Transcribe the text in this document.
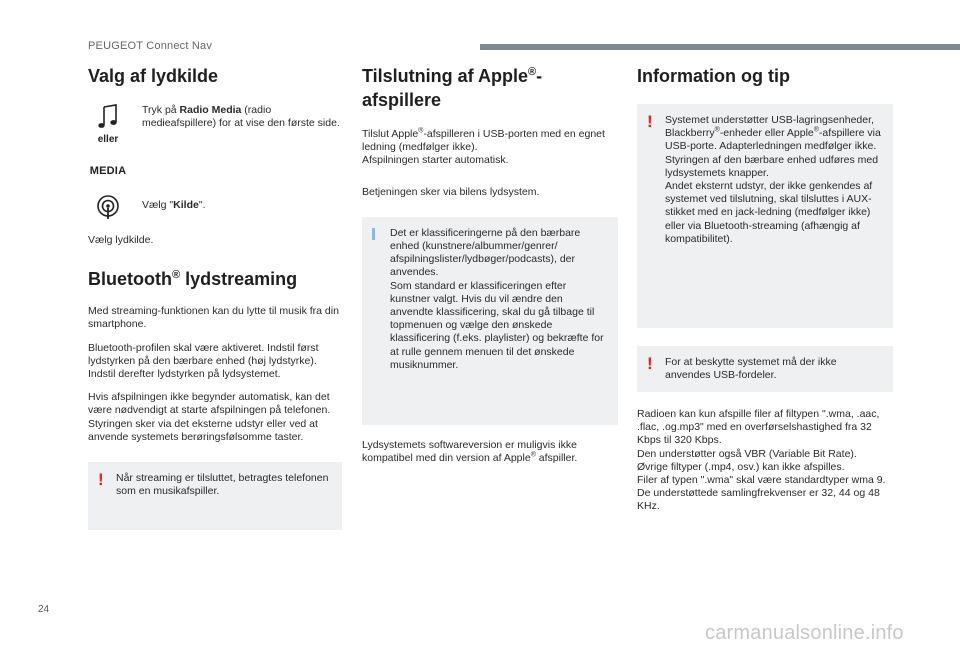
PEUGEOT Connect Nav
Valg af lydkilde
eller
MEDIA

Tryk på Radio Media (radio medieafspillere) for at vise den første side.

Vælg "Kilde".

Vælg lydkilde.

Bluetooth® lydstreaming

Med streaming-funktionen kan du lytte til musik fra din smartphone.

Bluetooth-profilen skal være aktiveret. Indstil først lydstyrken på den bærbare enhed (høj lydstyrke).

Indstil derefter lydstyrken på lydsystemet.

Hvis afspilningen ikke begynder automatisk, kan det være nødvendigt at starte afspilningen på telefonen.

Styringen sker via det eksterne udstyr eller ved at anvende systemets berøringsfølsomme taster.

! Når streaming er tilsluttet, betragtes telefonen som en musikafspiller.

Tilslutning af Apple®-afspillere

Tilslut Apple®-afspilleren i USB-porten med en egnet ledning (medfølger ikke).

Afspilningen starter automatisk.

Betjeningen sker via bilens lydsystem.

Det er klassificeringerne på den bærbare enhed (kunstnere/albummer/genrer/ afspilningslister/lydbøger/podcasts), der anvendes.

Som standard er klassificeringen efter kunstner valgt. Hvis du vil ændre den anvendte klassificering, skal du gå tilbage til topmenuen og vælge den ønskede klassificering (f.eks. playlister) og bekræfte for at rulle gennem menuen til det ønskede musiknummer.

Lydsystemets softwareversion er muligvis ikke kompatibel med din version af Apple® afspiller.

Information og tip
! Systemet understøtter USB-lagringsenheder, Blackberry®-enheder eller Apple®-afspillere via USB-porte. Adapterledningen medfølger ikke.

Styringen af den bærbare enhed udføres med lydsystemets knapper.

Andet eksternt udstyr, der ikke genkendes af systemet ved tilslutning, skal tilsluttes i AUX-stikket med en jack-ledning (medfølger ikke) eller via Bluetooth-streaming (afhængig af kompatibilitet).

! For at beskytte systemet må der ikke anvendes USB-fordeler.

Radioen kan kun afspille filer af filtypen ".wma, .aac, .flac, .og.mp3" med en overførselshastighed fra 32 Kbps til 320 Kbps.

Den understøtter også VBR (Variable Bit Rate).

Øvrige filtyper (.mp4, osv.) kan ikke afspilles.

Filer af typen ".wma" skal være standardtyper wma 9.

De understøttede samlingfrekvenser er 32, 44 og 48 KHz.

24
carmanualsonline.info
